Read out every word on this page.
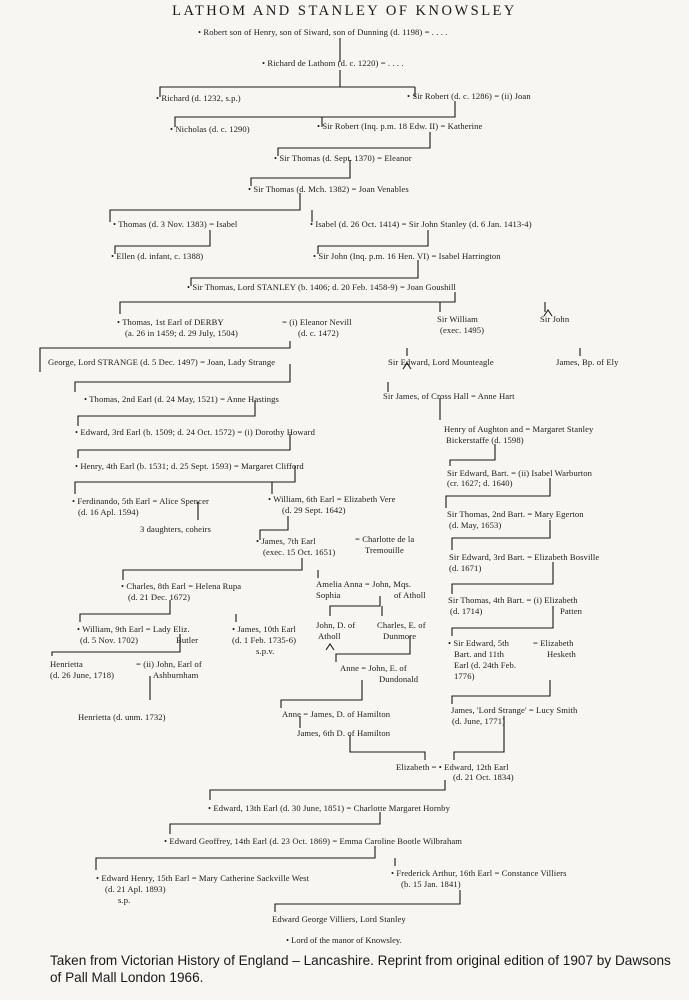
LATHOM AND STANLEY OF KNOWSLEY
• Robert son of Henry, son of Siward, son of Dunning (d. 1198) = . . . .
• Richard de Lathom (d. c. 1220) = . . . .
• Richard (d. 1232, s.p.)	• Sir Robert (d. c. 1286) = (ii) Joan
• Nicholas (d. c. 1290)	• Sir Robert (Inq. p.m. 18 Edw. II) = Katherine
• Sir Thomas (d. Sept. 1370) = Eleanor
• Sir Thomas (d. Mch. 1382) = Joan Venables
• Thomas (d. 3 Nov. 1383) = Isabel	• Isabel (d. 26 Oct. 1414) = Sir John Stanley (d. 6 Jan. 1413-4)
• Ellen (d. infant, c. 1388)	• Sir John (Inq. p.m. 16 Hen. VI) = Isabel Harrington
• Sir Thomas, Lord STANLEY (b. 1406; d. 20 Feb. 1458-9) = Joan Goushill
• Thomas, 1st Earl of DERBY
(a. 26 in 1459; d. 29 July, 1504)
= (i) Eleanor Nevill
(d. c. 1472)
Sir William
(exec. 1495)
Sir John
George, Lord STRANGE (d. 5 Dec. 1497) = Joan, Lady Strange	Sir Edward, Lord Mounteagle	James, Bp. of Ely
• Thomas, 2nd Earl (d. 24 May, 1521) = Anne Hastings	Sir James, of Cross Hall = Anne Hart
• Edward, 3rd Earl (b. 1509; d. 24 Oct. 1572) = (i) Dorothy Howard	Henry of Aughton and = Margaret Stanley
Bickerstaffe (d. 1598)
• Henry, 4th Earl (b. 1531; d. 25 Sept. 1593) = Margaret Clifford
Sir Edward, Bart. = (ii) Isabel Warburton
(cr. 1627; d. 1640)
• Ferdinando, 5th Earl = Alice Spencer
(d. 16 Apl. 1594)
• William, 6th Earl = Elizabeth Vere
(d. 29 Sept. 1642)
3 daughters, coheirs
Sir Thomas, 2nd Bart. = Mary Egerton
(d. May, 1653)
• James, 7th Earl
(exec. 15 Oct. 1651)
= Charlotte de la
Tremouille
Sir Edward, 3rd Bart. = Elizabeth Bosville
(d. 1671)
• Charles, 8th Earl = Helena Rupa
(d. 21 Dec. 1672)
Amelia Anna = John, Mqs.
Sophia	of Atholl	Sir Thomas, 4th Bart. = (i) Elizabeth
(d. 1714)	Patten
• William, 9th Earl = Lady Eliz.
(d. 5 Nov. 1702)	Butler
• James, 10th Earl
(d. 1 Feb. 1735-6)
s.p.v.
John, D. of
Atholl
Charles, E. of
Dunmore
• Sir Edward, 5th
Bart. and 11th
Earl (d. 24th Feb.
1776)
= Elizabeth
Hesketh
Henrietta
(d. 26 June, 1718)
= (ii) John, Earl of
Ashburnham
Anne = John, E. of
Dundonald
Henrietta (d. unm. 1732)	Anne = James, D. of Hamilton	James, 'Lord Strange' = Lucy Smith
(d. June, 1771)
James, 6th D. of Hamilton
Elizabeth = • Edward, 12th Earl
(d. 21 Oct. 1834)
• Edward, 13th Earl (d. 30 June, 1851) = Charlotte Margaret Hornby
• Edward Geoffrey, 14th Earl (d. 23 Oct. 1869) = Emma Caroline Bootle Wilbraham
• Edward Henry, 15th Earl = Mary Catherine Sackville West
(d. 21 Apl. 1893)
s.p.
• Frederick Arthur, 16th Earl = Constance Villiers
(b. 15 Jan. 1841)
Edward George Villiers, Lord Stanley
• Lord of the manor of Knowsley.
Taken from Victorian History of England – Lancashire. Reprint from original edition of 1907 by Dawsons of Pall Mall London 1966.
